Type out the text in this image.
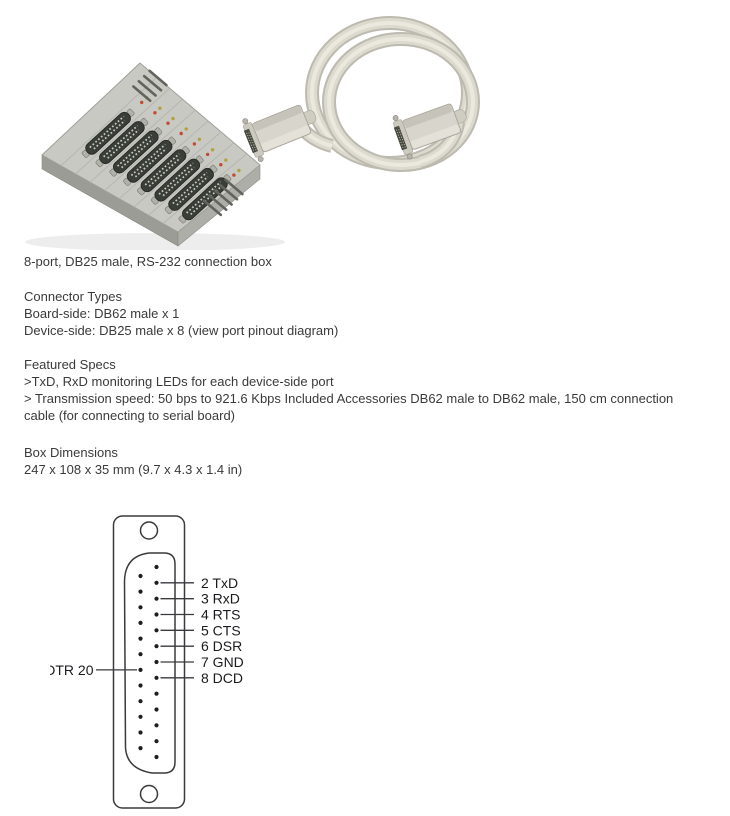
8-port, DB25 male, RS-232 connection box

Connector Types
Board-side: DB62 male x 1
Device-side: DB25 male x 8 (view port pinout diagram)
Featured Specs
>TxD, RxD monitoring LEDs for each device-side port
> Transmission speed: 50 bps to 921.6 Kbps Included Accessories DB62 male to DB62 male, 150 cm connection
cable (for connecting to serial board)
Box Dimensions
247 x 108 x 35 mm (9.7 x 4.3 x 1.4 in)
2 TxD
3 RxD
4 RTS
5 CTS
6 DSR
7 GND
8 DCD
DTR 20
